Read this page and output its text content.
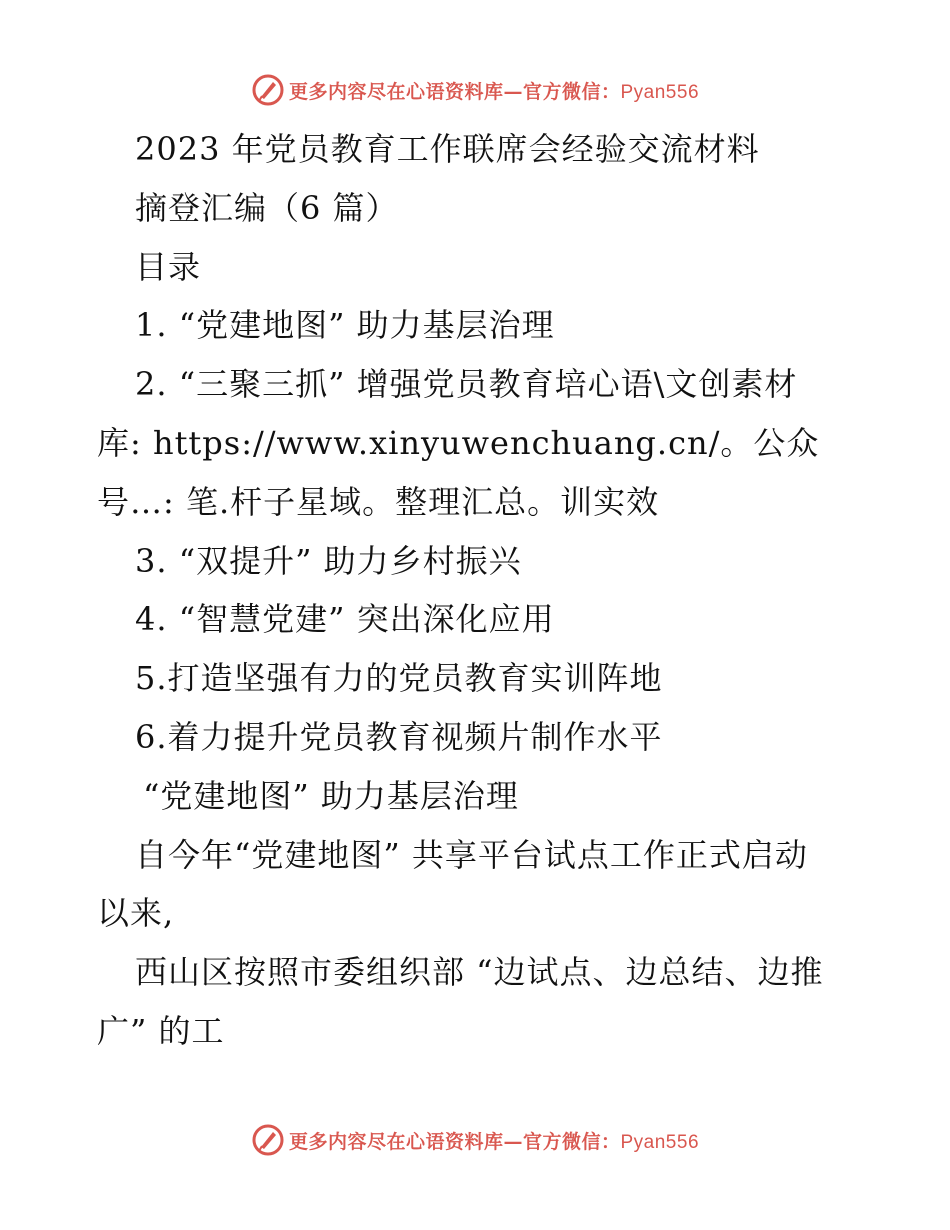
更多内容尽在心语资料库—官方微信：Pyan556
2023 年党员教育工作联席会经验交流材料
摘登汇编（6 篇）
目录
1. “党建地图” 助力基层治理
2. “三聚三抓” 增强党员教育培心语\文创素材
库: https://www.xinyuwenchuang.cn/。公众
号…: 笔.杆子星域。整理汇总。训实效
3. “双提升” 助力乡村振兴
4. “智慧党建” 突出深化应用
5.打造坚强有力的党员教育实训阵地
6.着力提升党员教育视频片制作水平
“党建地图” 助力基层治理
自今年“党建地图” 共享平台试点工作正式启动
以来,
西山区按照市委组织部 “边试点、边总结、边推
广” 的工
更多内容尽在心语资料库—官方微信：Pyan556
